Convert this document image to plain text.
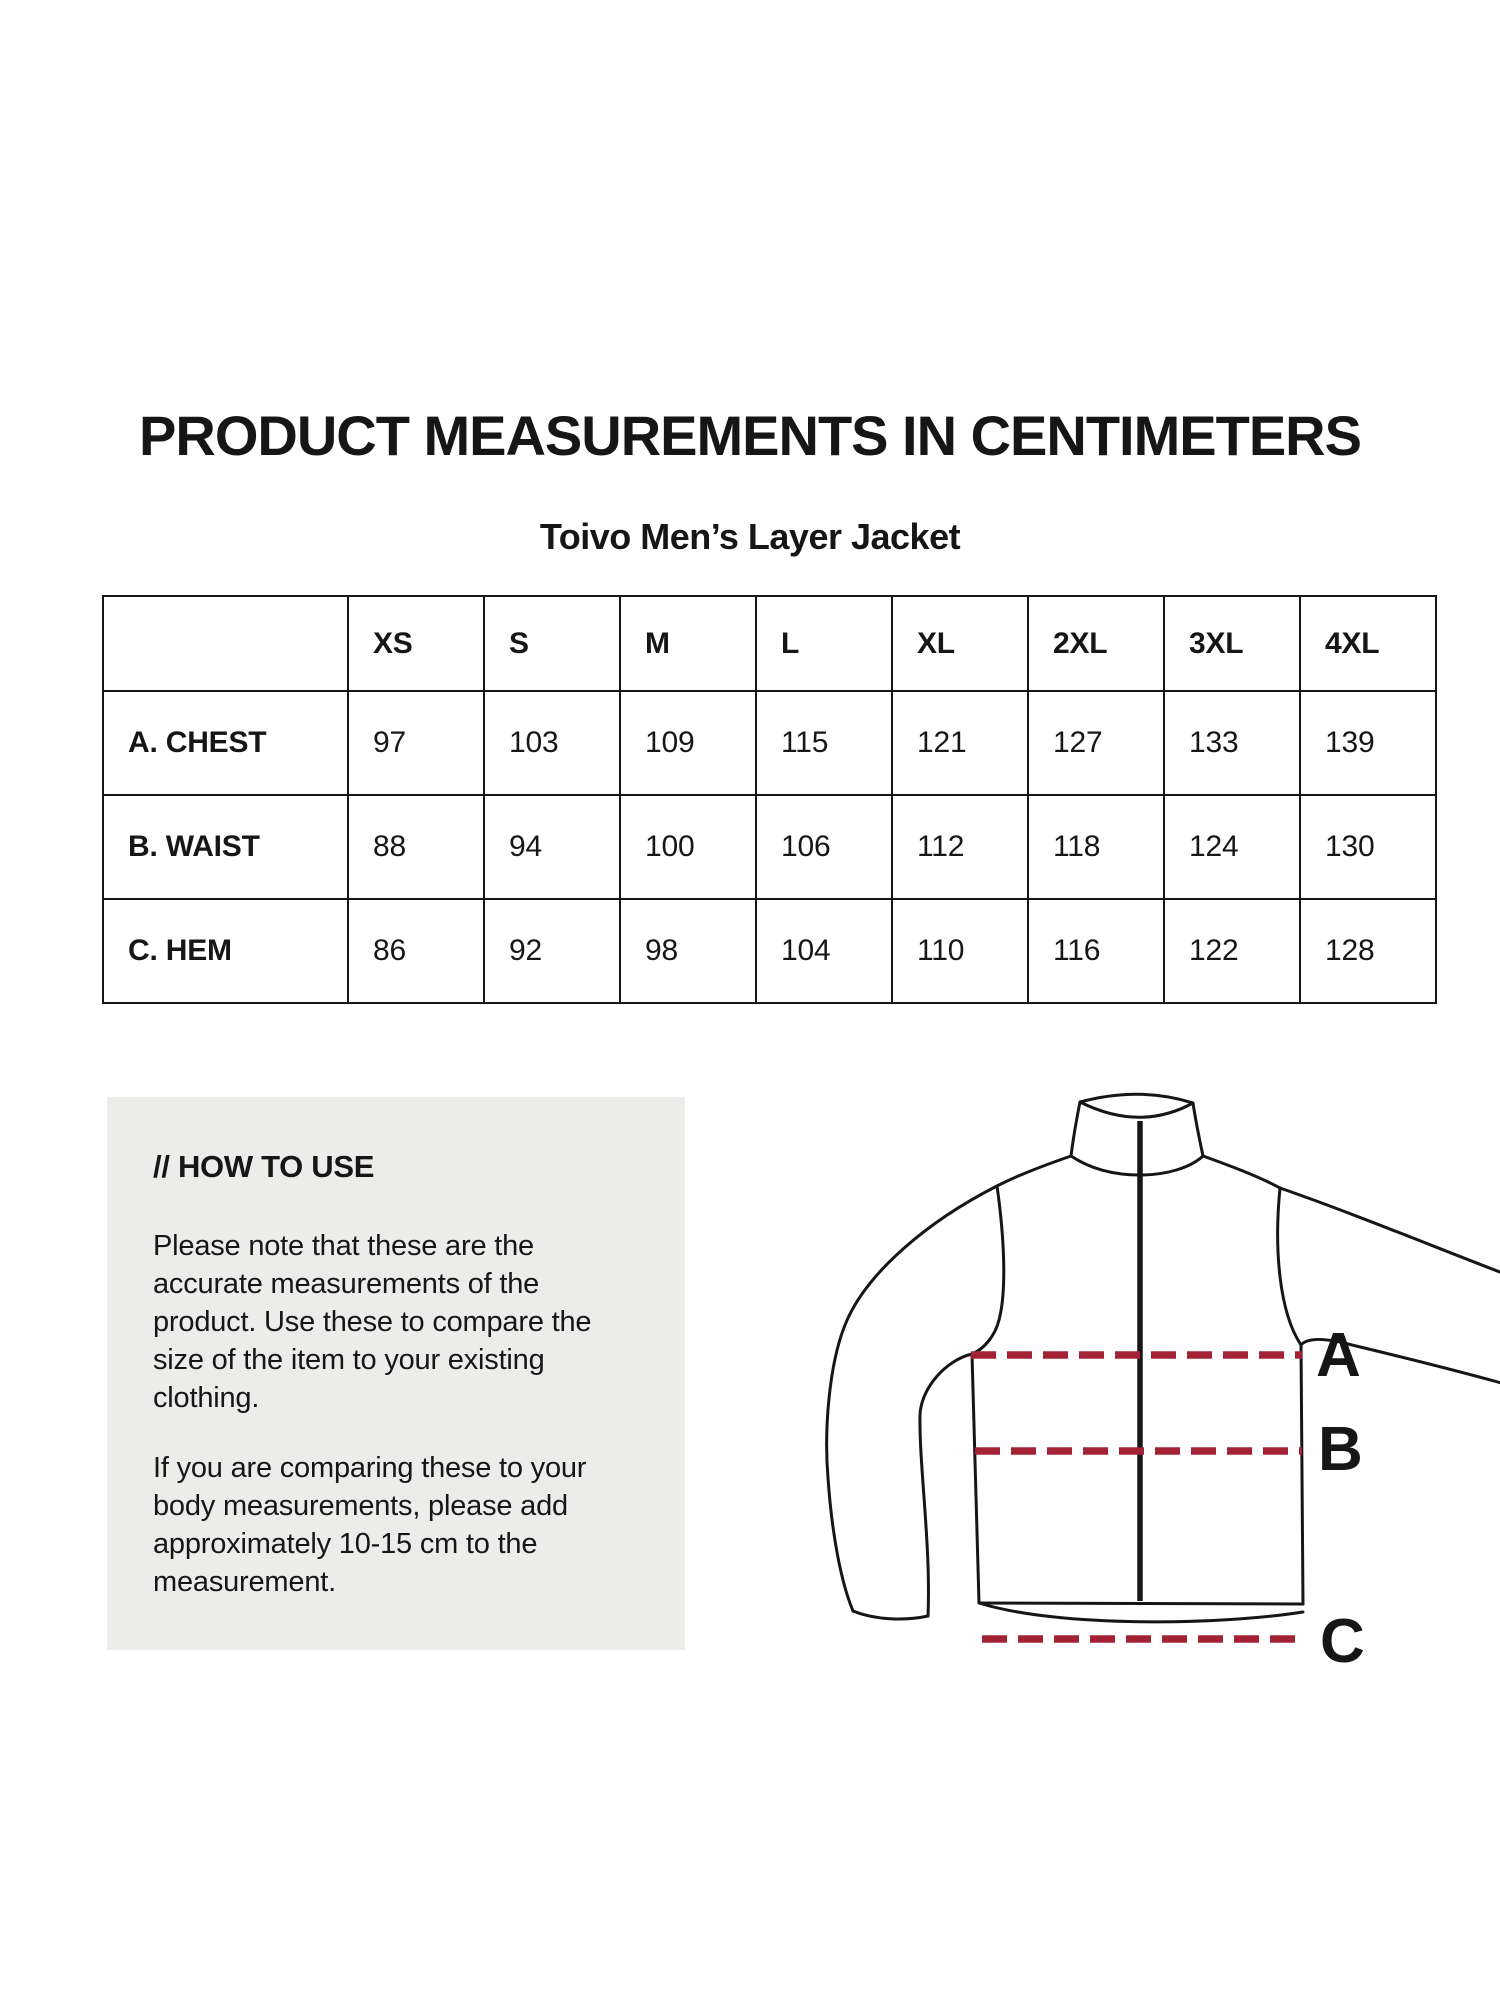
PRODUCT MEASUREMENTS IN CENTIMETERS
Toivo Men’s Layer Jacket
	XS	S	M	L	XL	2XL	3XL	4XL
A. CHEST	97	103	109	115	121	127	133	139
B. WAIST	88	94	100	106	112	118	124	130
C. HEM	86	92	98	104	110	116	122	128
// HOW TO USE

Please note that these are the accurate measurements of the product. Use these to compare the size of the item to your existing clothing.

If you are comparing these to your body measurements, please add approximately 10-15 cm to the measurement.

A
B
C
